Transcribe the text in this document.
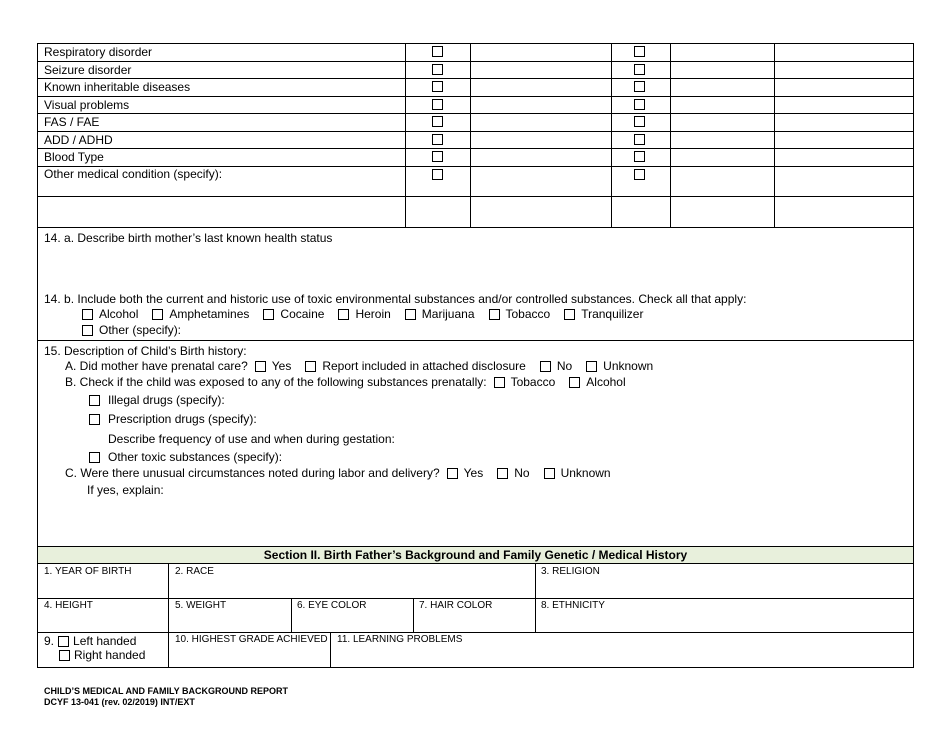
Respiratory disorder
Seizure disorder
Known inheritable diseases
Visual problems
FAS / FAE
ADD / ADHD
Blood Type
Other medical condition (specify):
14. a. Describe birth mother’s last known health status
14. b. Include both the current and historic use of toxic environmental substances and/or controlled substances. Check all that apply:
Alcohol	Amphetamines	Cocaine	Heroin	Marijuana	Tobacco	Tranquilizer
Other (specify):
15. Description of Child’s Birth history:
A. Did mother have prenatal care? Yes	Report included in attached disclosure	No	Unknown
B. Check if the child was exposed to any of the following substances prenatally: Tobacco	Alcohol
Illegal drugs (specify):
Prescription drugs (specify):
Describe frequency of use and when during gestation:
Other toxic substances (specify):
C. Were there unusual circumstances noted during labor and delivery? Yes	No	Unknown
If yes, explain:
Section II. Birth Father’s Background and Family Genetic / Medical History
1. YEAR OF BIRTH	2. RACE	3. RELIGION
4. HEIGHT	5. WEIGHT	6. EYE COLOR	7. HAIR COLOR	8. ETHNICITY
9. Left handed
Right handed
10. HIGHEST GRADE ACHIEVED 11. LEARNING PROBLEMS
CHILD’S MEDICAL AND FAMILY BACKGROUND REPORT
DCYF 13-041 (rev. 02/2019) INT/EXT
